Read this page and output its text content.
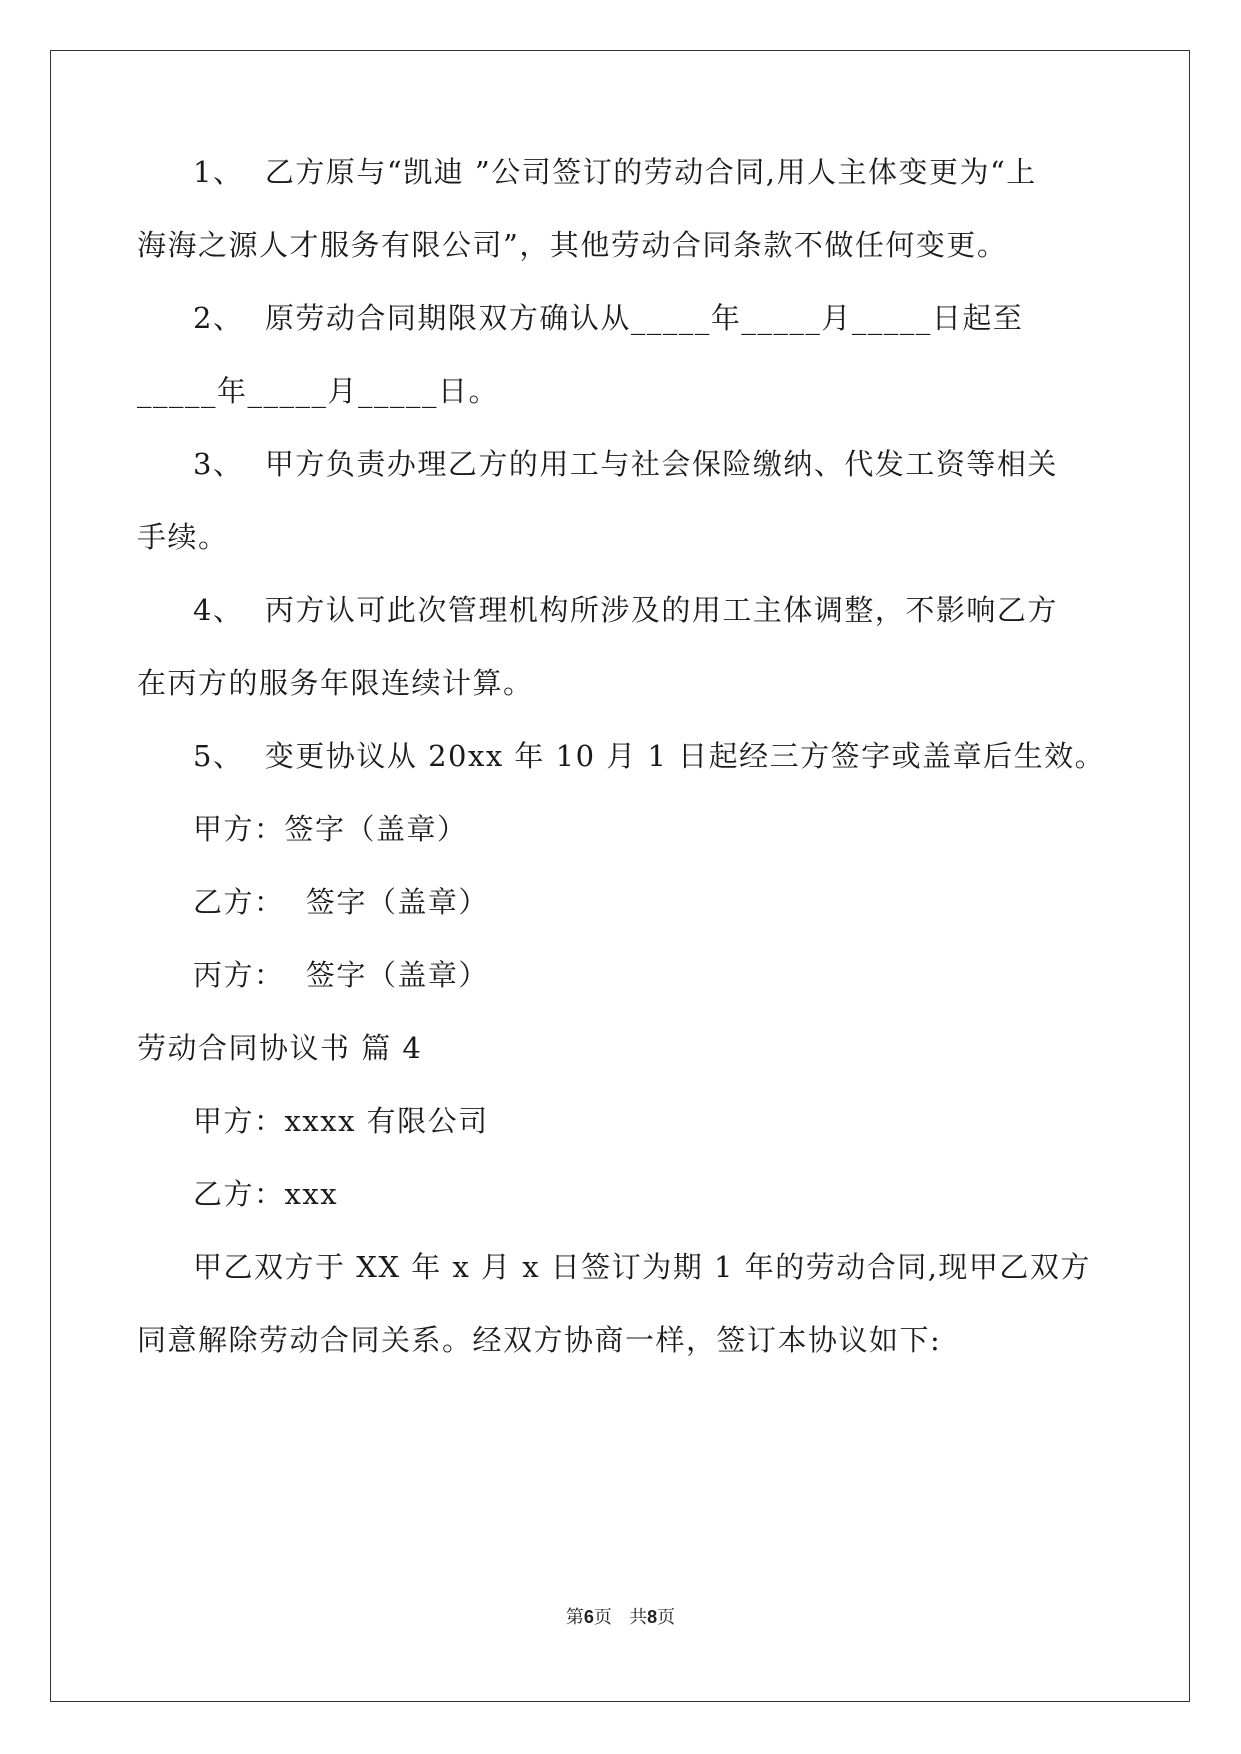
1、  乙方原与“凯迪 ”公司签订的劳动合同,用人主体变更为“上
海海之源人才服务有限公司”，其他劳动合同条款不做任何变更。
2、  原劳动合同期限双方确认从_____年_____月_____日起至
_____年_____月_____日。
3、  甲方负责办理乙方的用工与社会保险缴纳、代发工资等相关
手续。
4、  丙方认可此次管理机构所涉及的用工主体调整，不影响乙方
在丙方的服务年限连续计算。
5、  变更协议从 20xx 年 10 月 1 日起经三方签字或盖章后生效。
甲方：签字（盖章）
乙方：  签字（盖章）
丙方：  签字（盖章）
劳动合同协议书 篇 4
甲方：xxxx 有限公司
乙方：xxx
甲乙双方于 XX 年 x 月 x 日签订为期 1 年的劳动合同,现甲乙双方
同意解除劳动合同关系。经双方协商一样，签订本协议如下:
第6页   共8页
